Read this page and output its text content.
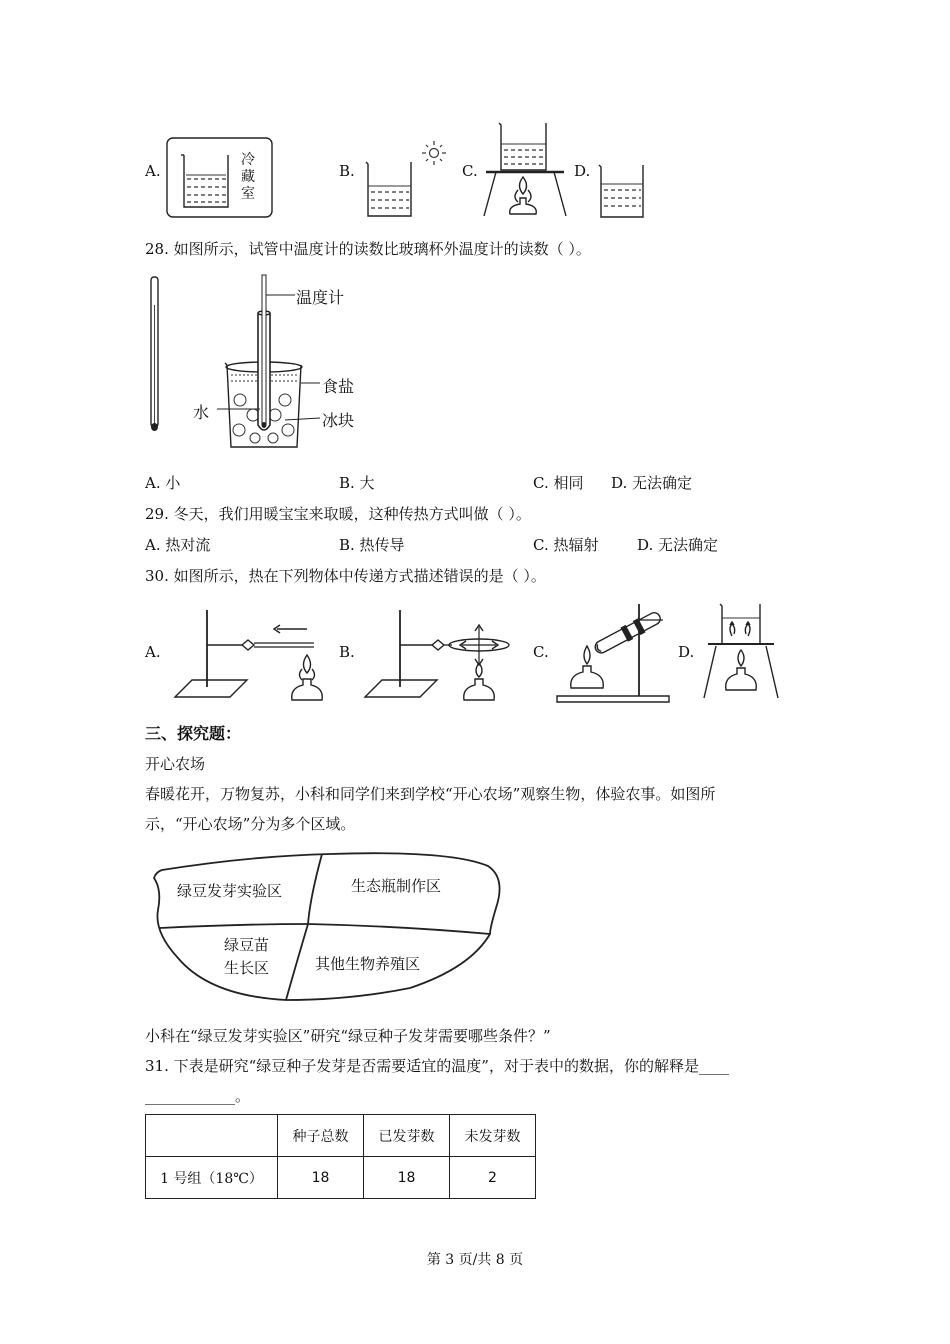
A.
冷藏室
B.	C.	D.
28. 如图所示，试管中温度计的读数比玻璃杯外温度计的读数（ ）。
温度计
食盐
水	冰块
A. 小	B. 大	C. 相同 D. 无法确定
29. 冬天，我们用暖宝宝来取暖，这种传热方式叫做（ ）。
A. 热对流	B. 热传导	C. 热辐射	D. 无法确定
30. 如图所示，热在下列物体中传递方式描述错误的是（ ）。
A.	B.	C.	D.
三、探究题：
开心农场
春暖花开，万物复苏，小科和同学们来到学校“开心农场”观察生物，体验农事。如图所
示，“开心农场”分为多个区域。
绿豆发芽实验区	生态瓶制作区
绿豆苗
生长区	其他生物养殖区
小科在“绿豆发芽实验区”研究“绿豆种子发芽需要哪些条件？”
31. 下表是研究“绿豆种子发芽是否需要适宜的温度”，对于表中的数据，你的解释是____
____________。
	种子总数	已发芽数	未发芽数
1 号组（18℃）	18	18	2
第 3 页/共 8 页
